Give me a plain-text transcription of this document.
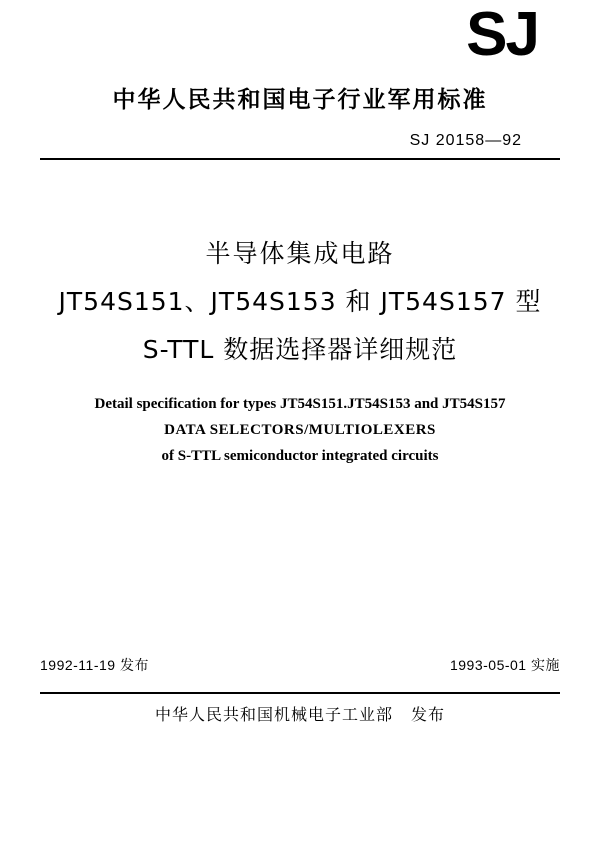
SJ
中华人民共和国电子行业军用标准
SJ 20158—92
半导体集成电路
JT54S151、JT54S153 和 JT54S157 型
S-TTL 数据选择器详细规范
Detail specification for types JT54S151.JT54S153 and JT54S157
DATA SELECTORS/MULTIOLEXERS
of S-TTL semiconductor integrated circuits
1992-11-19 发布	1993-05-01 实施
中华人民共和国机械电子工业部 发布
